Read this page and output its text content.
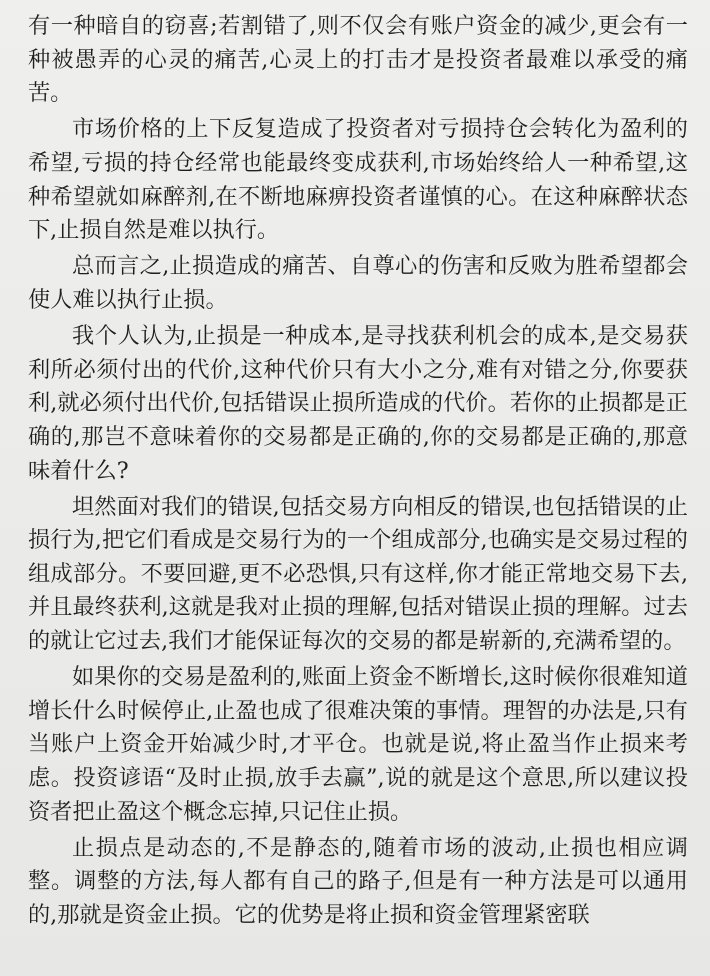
有一种暗自的窃喜;若割错了,则不仅会有账户资金的减少,更会有一种被愚弄的心灵的痛苦,心灵上的打击才是投资者最难以承受的痛苦。

市场价格的上下反复造成了投资者对亏损持仓会转化为盈利的希望,亏损的持仓经常也能最终变成获利,市场始终给人一种希望,这种希望就如麻醉剂,在不断地麻痹投资者谨慎的心。在这种麻醉状态下,止损自然是难以执行。

总而言之,止损造成的痛苦、自尊心的伤害和反败为胜希望都会使人难以执行止损。

我个人认为,止损是一种成本,是寻找获利机会的成本,是交易获利所必须付出的代价,这种代价只有大小之分,难有对错之分,你要获利,就必须付出代价,包括错误止损所造成的代价。若你的止损都是正确的,那岂不意味着你的交易都是正确的,你的交易都是正确的,那意味着什么?

坦然面对我们的错误,包括交易方向相反的错误,也包括错误的止损行为,把它们看成是交易行为的一个组成部分,也确实是交易过程的组成部分。不要回避,更不必恐惧,只有这样,你才能正常地交易下去,并且最终获利,这就是我对止损的理解,包括对错误止损的理解。过去的就让它过去,我们才能保证每次的交易的都是崭新的,充满希望的。

如果你的交易是盈利的,账面上资金不断增长,这时候你很难知道增长什么时候停止,止盈也成了很难决策的事情。理智的办法是,只有当账户上资金开始减少时,才平仓。也就是说,将止盈当作止损来考虑。投资谚语“及时止损,放手去赢”,说的就是这个意思,所以建议投资者把止盈这个概念忘掉,只记住止损。

止损点是动态的,不是静态的,随着市场的波动,止损也相应调整。调整的方法,每人都有自己的路子,但是有一种方法是可以通用的,那就是资金止损。它的优势是将止损和资金管理紧密联
